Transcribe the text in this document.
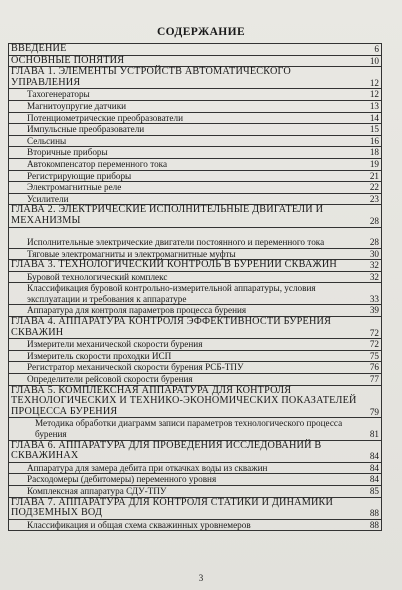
СОДЕРЖАНИЕ
ВВЕДЕНИЕ	6
ОСНОВНЫЕ ПОНЯТИЯ	10
ГЛАВА 1. ЭЛЕМЕНТЫ УСТРОЙСТВ АВТОМАТИЧЕСКОГО УПРАВЛЕНИЯ	12
Тахогенераторы	12
Магнитоупругие датчики	13
Потенциометрические преобразователи	14
Импульсные преобразователи	15
Сельсины	16
Вторичные приборы	18
Автокомпенсатор переменного тока	19
Регистрирующие приборы	21
Электромагнитные реле	22
Усилители	23
ГЛАВА 2. ЭЛЕКТРИЧЕСКИЕ ИСПОЛНИТЕЛЬНЫЕ ДВИГАТЕЛИ И МЕХАНИЗМЫ	28
Исполнительные электрические двигатели постоянного и переменного тока	28
Тяговые электромагниты и электромагнитные муфты	30
ГЛАВА 3. ТЕХНОЛОГИЧЕСКИЙ КОНТРОЛЬ В БУРЕНИИ СКВАЖИН	32
Буровой технологический комплекс	32
Классификация буровой контрольно-измерительной аппаратуры, условия эксплуатации и требования к аппаратуре	33
Аппаратура для контроля параметров процесса бурения	39
ГЛАВА 4. АППАРАТУРА КОНТРОЛЯ ЭФФЕКТИВНОСТИ БУРЕНИЯ СКВАЖИН	72
Измерители механической скорости бурения	72
Измеритель скорости проходки ИСП	75
Регистратор механической скорости бурения РСБ-ТПУ	76
Определители рейсовой скорости бурения	77
ГЛАВА 5. КОМПЛЕКСНАЯ АППАРАТУРА ДЛЯ КОНТРОЛЯ ТЕХНОЛОГИЧЕСКИХ И ТЕХНИКО-ЭКОНОМИЧЕСКИХ ПОКАЗАТЕЛЕЙ ПРОЦЕССА БУРЕНИЯ	79
Методика обработки диаграмм записи параметров технологического процесса бурения	81
ГЛАВА 6. АППАРАТУРА ДЛЯ ПРОВЕДЕНИЯ ИССЛЕДОВАНИЙ В СКВАЖИНАХ	84
Аппаратура для замера дебита при откачках воды из скважин	84
Расходомеры (дебитомеры) переменного уровня	84
Комплексная аппаратура СДУ-ТПУ	85
ГЛАВА 7. АППАРАТУРА ДЛЯ КОНТРОЛЯ СТАТИКИ И ДИНАМИКИ ПОДЗЕМНЫХ ВОД	88
Классификация и общая схема скважинных уровнемеров	88
3
